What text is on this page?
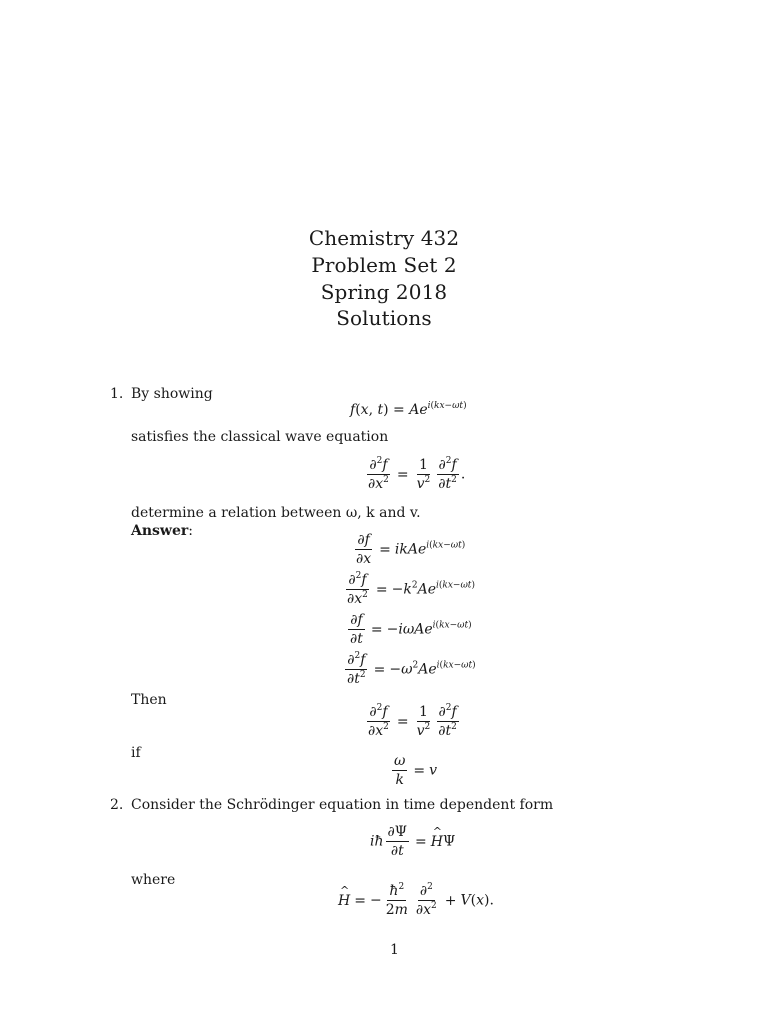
Chemistry 432
Problem Set 2
Spring 2018
Solutions
1. By showing
f(x, $t) = Ae^{i(kx-\omega t)}$
satisfies the classical wave equation
$\frac{\partial^2f}{\partial x^2} = \frac{1}{v^2} \frac{\partial^2f}{\partial t^2}$ .
determine a relation between ω, k and v.
Answer:
$\frac{\partial f}{\partial x}$ = ikAe$^{i(kx-\omega t)}$
$\frac{\partial^2f}{\partial x^2} = -k^2Ae^{i(kx-\omega t)}$
$\frac{\partial f}{\partial t} = -i\omega Ae^{i(kx-\omega t)}$
$\frac{\partial^2f}{\partial t^2} = -\omega^2Ae^{i(kx-\omega t)}$
Then
$\frac{\partial^2f}{\partial x^2} = \frac{1}{v^2} \frac{\partial^2f}{\partial t^2}$
if	$\frac{\omega}{k} = v$
2. Consider the Schrödinger equation in time dependent form
iħ $\frac{\partial\Psi}{\partial t}$ =^ HΨ
where
^ H = − $\frac{ħ^2}{2m} \frac{\partial^2}{\partial x^2} + V(x)$.
1
